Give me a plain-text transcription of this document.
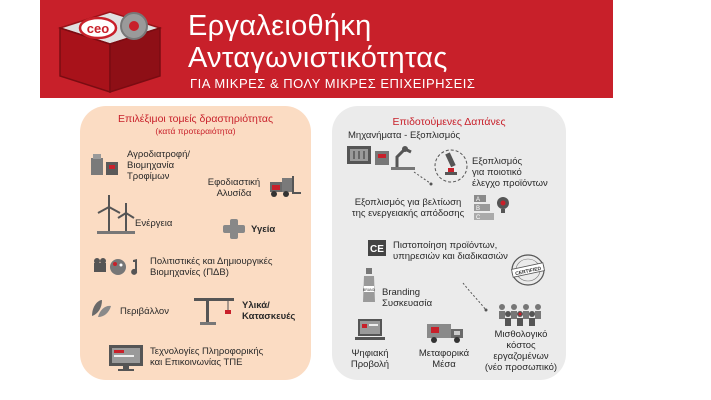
ceo	Εργαλειοθήκη
Ανταγωνιστικότητας
ΓΙΑ ΜΙΚΡΕΣ & ΠΟΛΥ ΜΙΚΡΕΣ ΕΠΙΧΕΙΡΗΣΕΙΣ
Επιλέξιμοι τομείς δραστηριότητας
(κατά προτεραιότητα)
Αγροδιατροφή/
Βιομηχανία
Τροφίμων
Εφοδιαστική
Αλυσίδα
Ενέργεια
Υγεία
Πολιτιστικές και Δημιουργικές
Βιομηχανίες (ΠΔΒ)
Περιβάλλον
Υλικά/
Κατασκευές
Τεχνολογίες Πληροφορικής
και Επικοινωνίας ΤΠΕ
Επιδοτούμενες Δαπάνες
Μηχανήματα - Εξοπλισμός
Εξοπλισμός
για ποιοτικό
έλεγχο προϊόντων
Εξοπλισμός για βελτίωση
της ενεργειακής απόδοσης
A
B
C
CE Πιστοποίηση προϊόντων,
υπηρεσιών και διαδικασιών
CERTIFIED
BRAND Branding
Συσκευασία
Ψηφιακή
Προβολή
Μεταφορικά
Μέσα
Μισθολογικό
κόστος
εργαζομένων
(νέο προσωπικό)
